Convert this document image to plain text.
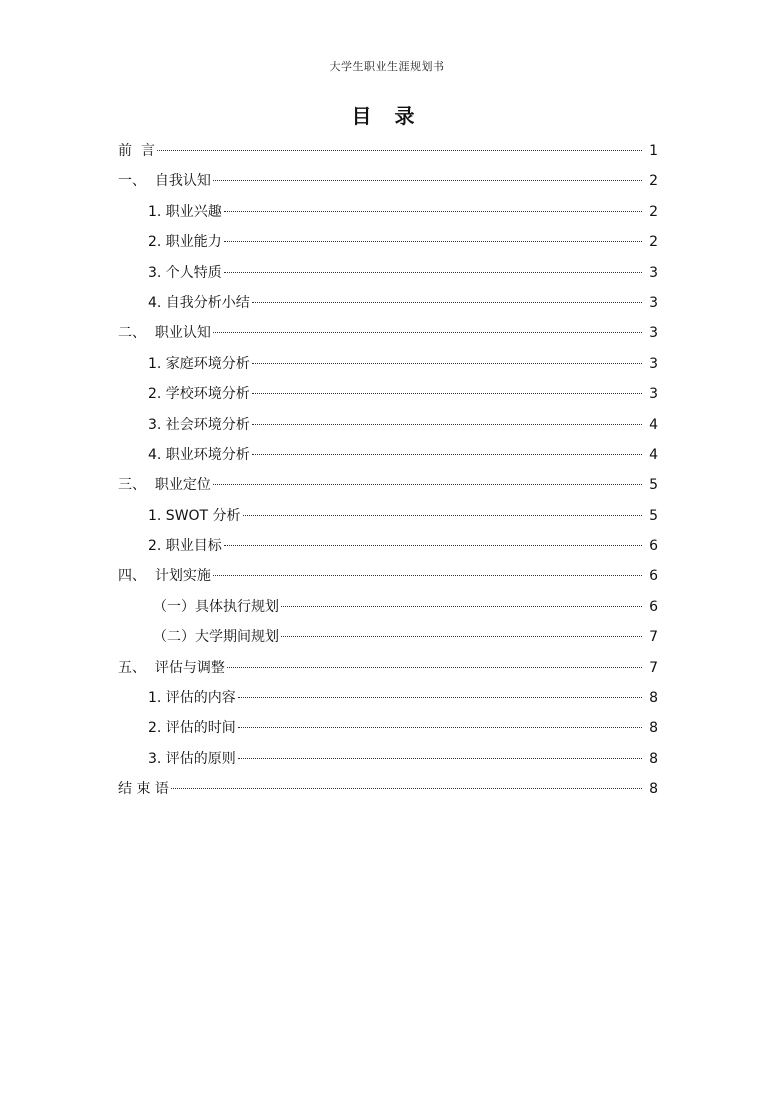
大学生职业生涯规划书
目 录
前  言	1
一、  自我认知	2
1. 职业兴趣	2
2. 职业能力	2
3. 个人特质	3
4. 自我分析小结	3
二、  职业认知	3
1. 家庭环境分析	3
2. 学校环境分析	3
3. 社会环境分析	4
4. 职业环境分析	4
三、  职业定位	5
1. SWOT 分析	5
2. 职业目标	6
四、  计划实施	6
（一）具体执行规划	6
（二）大学期间规划	7
五、  评估与调整	7
1. 评估的内容	8
2. 评估的时间	8
3. 评估的原则	8
结 束 语	8
